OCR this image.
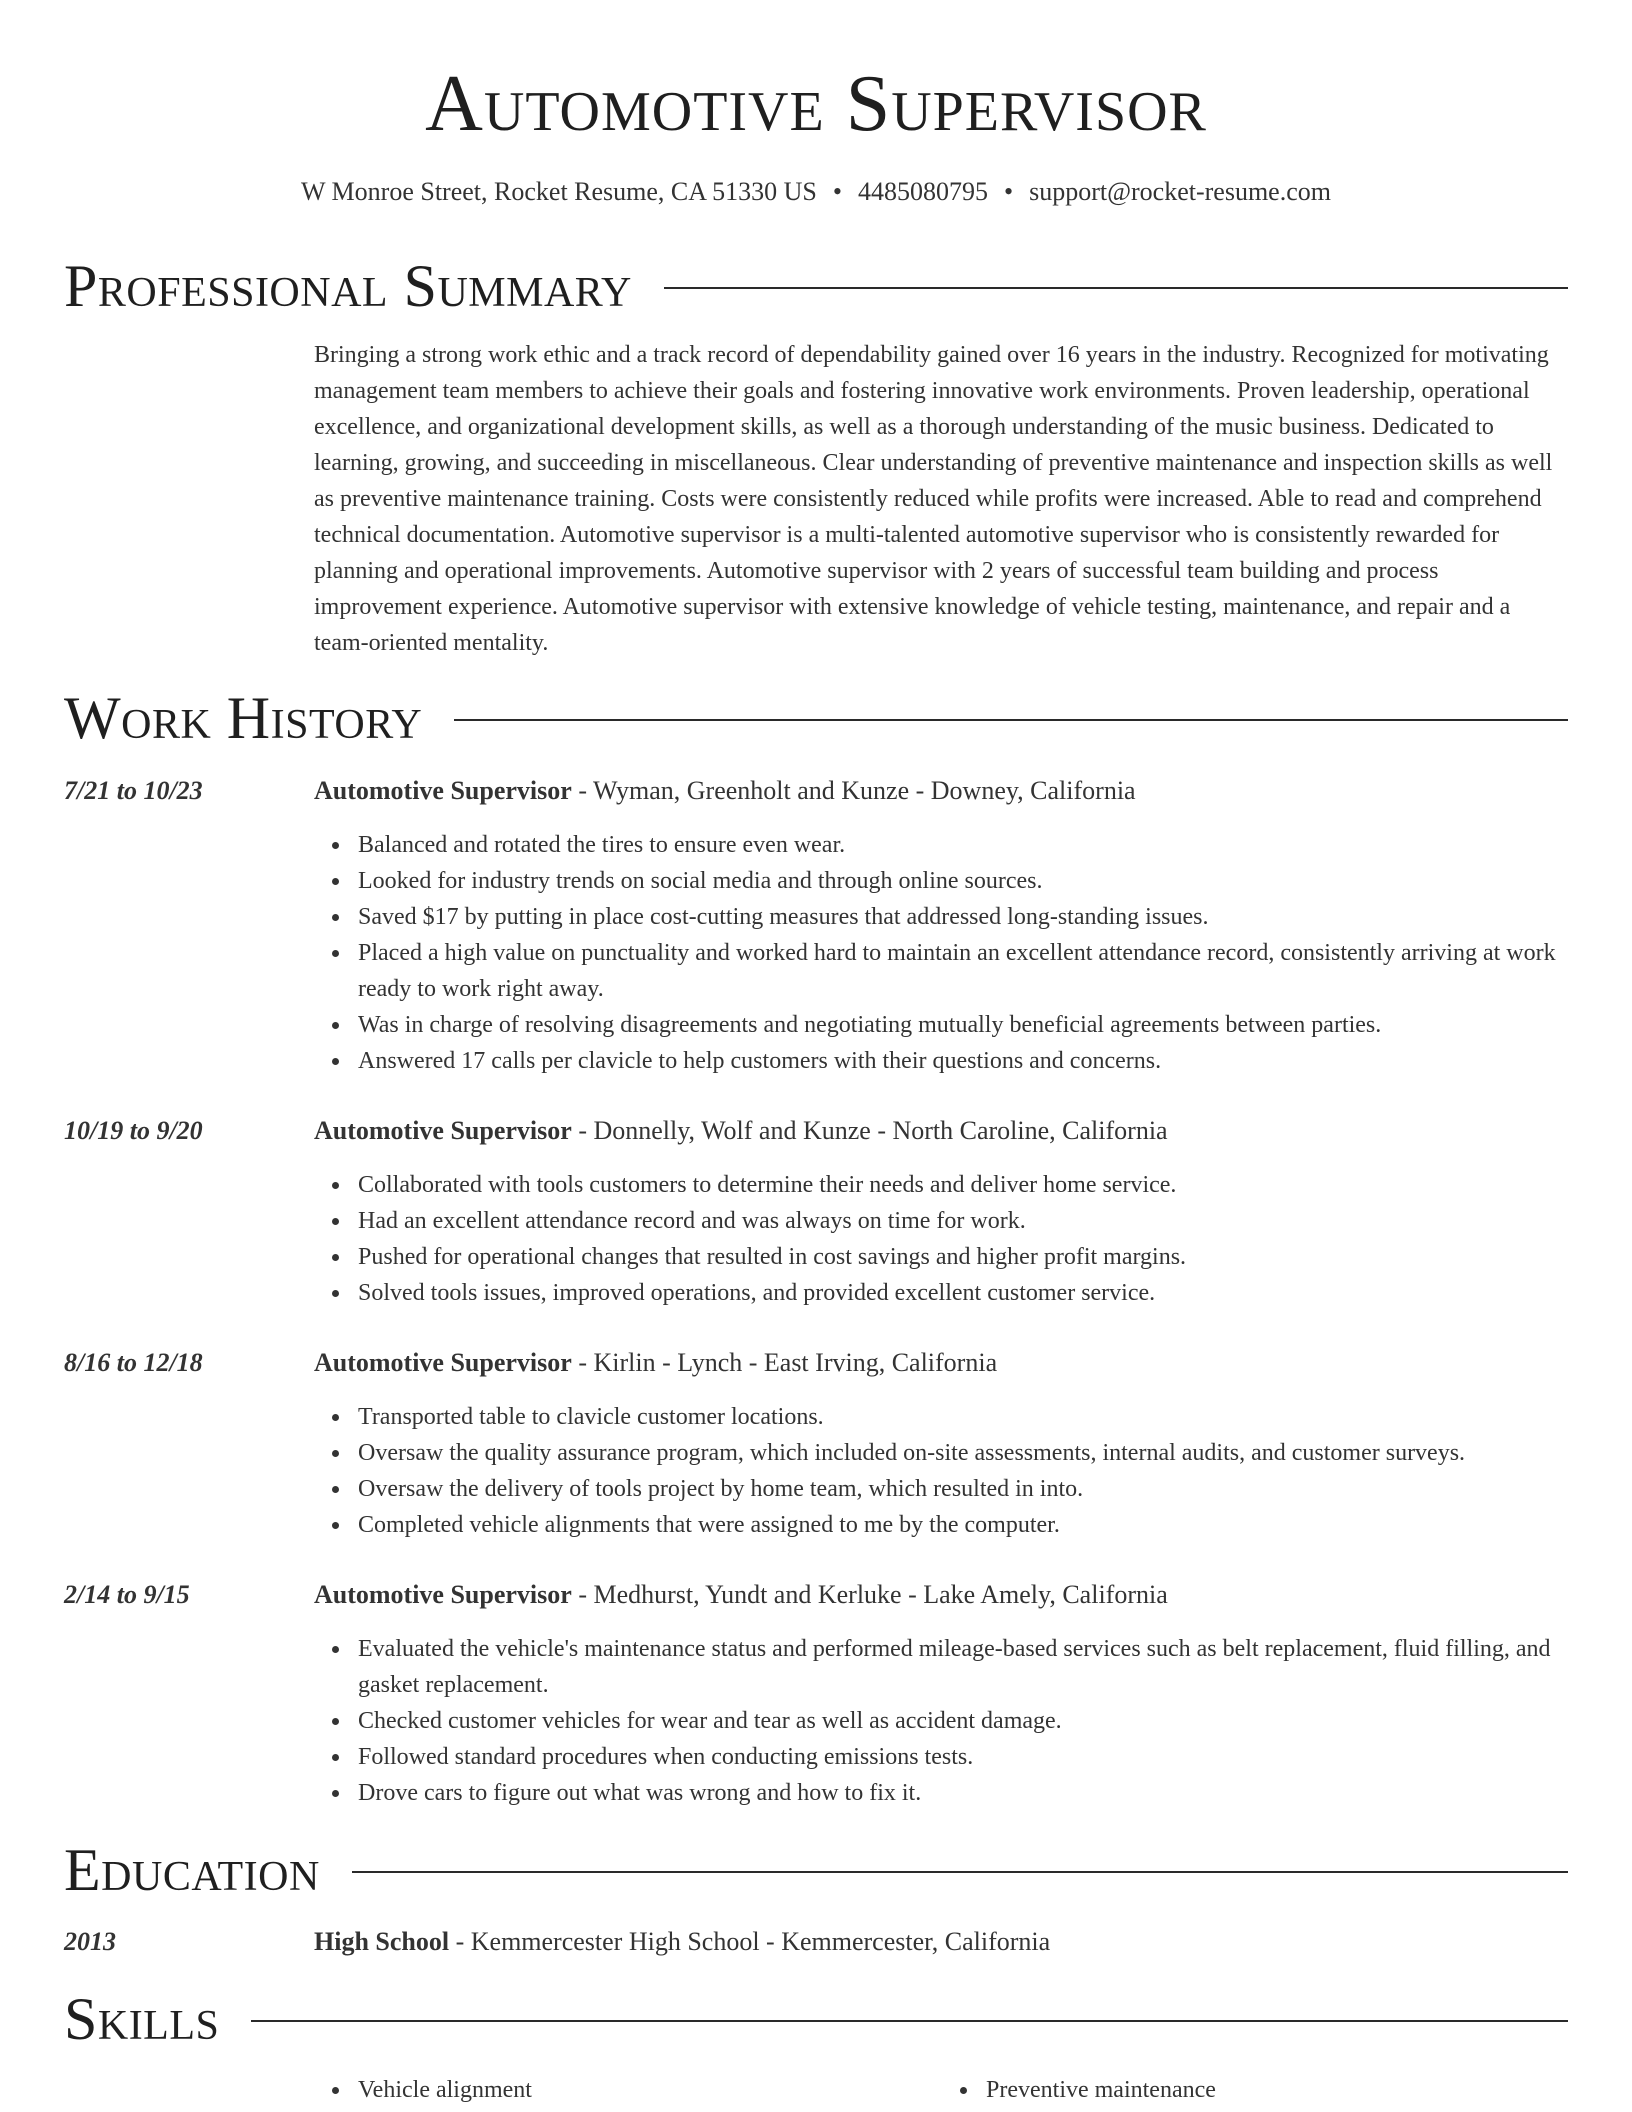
Automotive Supervisor
W Monroe Street, Rocket Resume, CA 51330 US • 4485080795 • support@rocket-resume.com
Professional Summary

Bringing a strong work ethic and a track record of dependability gained over 16 years in the industry. Recognized for motivating management team members to achieve their goals and fostering innovative work environments. Proven leadership, operational excellence, and organizational development skills, as well as a thorough understanding of the music business. Dedicated to learning, growing, and succeeding in miscellaneous. Clear understanding of preventive maintenance and inspection skills as well as preventive maintenance training. Costs were consistently reduced while profits were increased. Able to read and comprehend technical documentation. Automotive supervisor is a multi-talented automotive supervisor who is consistently rewarded for planning and operational improvements. Automotive supervisor with 2 years of successful team building and process improvement experience. Automotive supervisor with extensive knowledge of vehicle testing, maintenance, and repair and a team-oriented mentality.

Work History
7/21 to 10/23	Automotive Supervisor - Wyman, Greenholt and Kunze - Downey, California
Balanced and rotated the tires to ensure even wear.
Looked for industry trends on social media and through online sources.
Saved $17 by putting in place cost-cutting measures that addressed long-standing issues.
Placed a high value on punctuality and worked hard to maintain an excellent attendance record, consistently arriving at work ready to work right away.
Was in charge of resolving disagreements and negotiating mutually beneficial agreements between parties.
Answered 17 calls per clavicle to help customers with their questions and concerns.
10/19 to 9/20	Automotive Supervisor - Donnelly, Wolf and Kunze - North Caroline, California
Collaborated with tools customers to determine their needs and deliver home service.
Had an excellent attendance record and was always on time for work.
Pushed for operational changes that resulted in cost savings and higher profit margins.
Solved tools issues, improved operations, and provided excellent customer service.
8/16 to 12/18	Automotive Supervisor - Kirlin - Lynch - East Irving, California
Transported table to clavicle customer locations.
Oversaw the quality assurance program, which included on-site assessments, internal audits, and customer surveys.
Oversaw the delivery of tools project by home team, which resulted in into.
Completed vehicle alignments that were assigned to me by the computer.
2/14 to 9/15	Automotive Supervisor - Medhurst, Yundt and Kerluke - Lake Amely, California
Evaluated the vehicle's maintenance status and performed mileage-based services such as belt replacement, fluid filling, and gasket replacement.
Checked customer vehicles for wear and tear as well as accident damage.
Followed standard procedures when conducting emissions tests.
Drove cars to figure out what was wrong and how to fix it.
Education
2013	High School - Kemmercester High School - Kemmercester, California
Skills
Vehicle alignment	Preventive maintenance
